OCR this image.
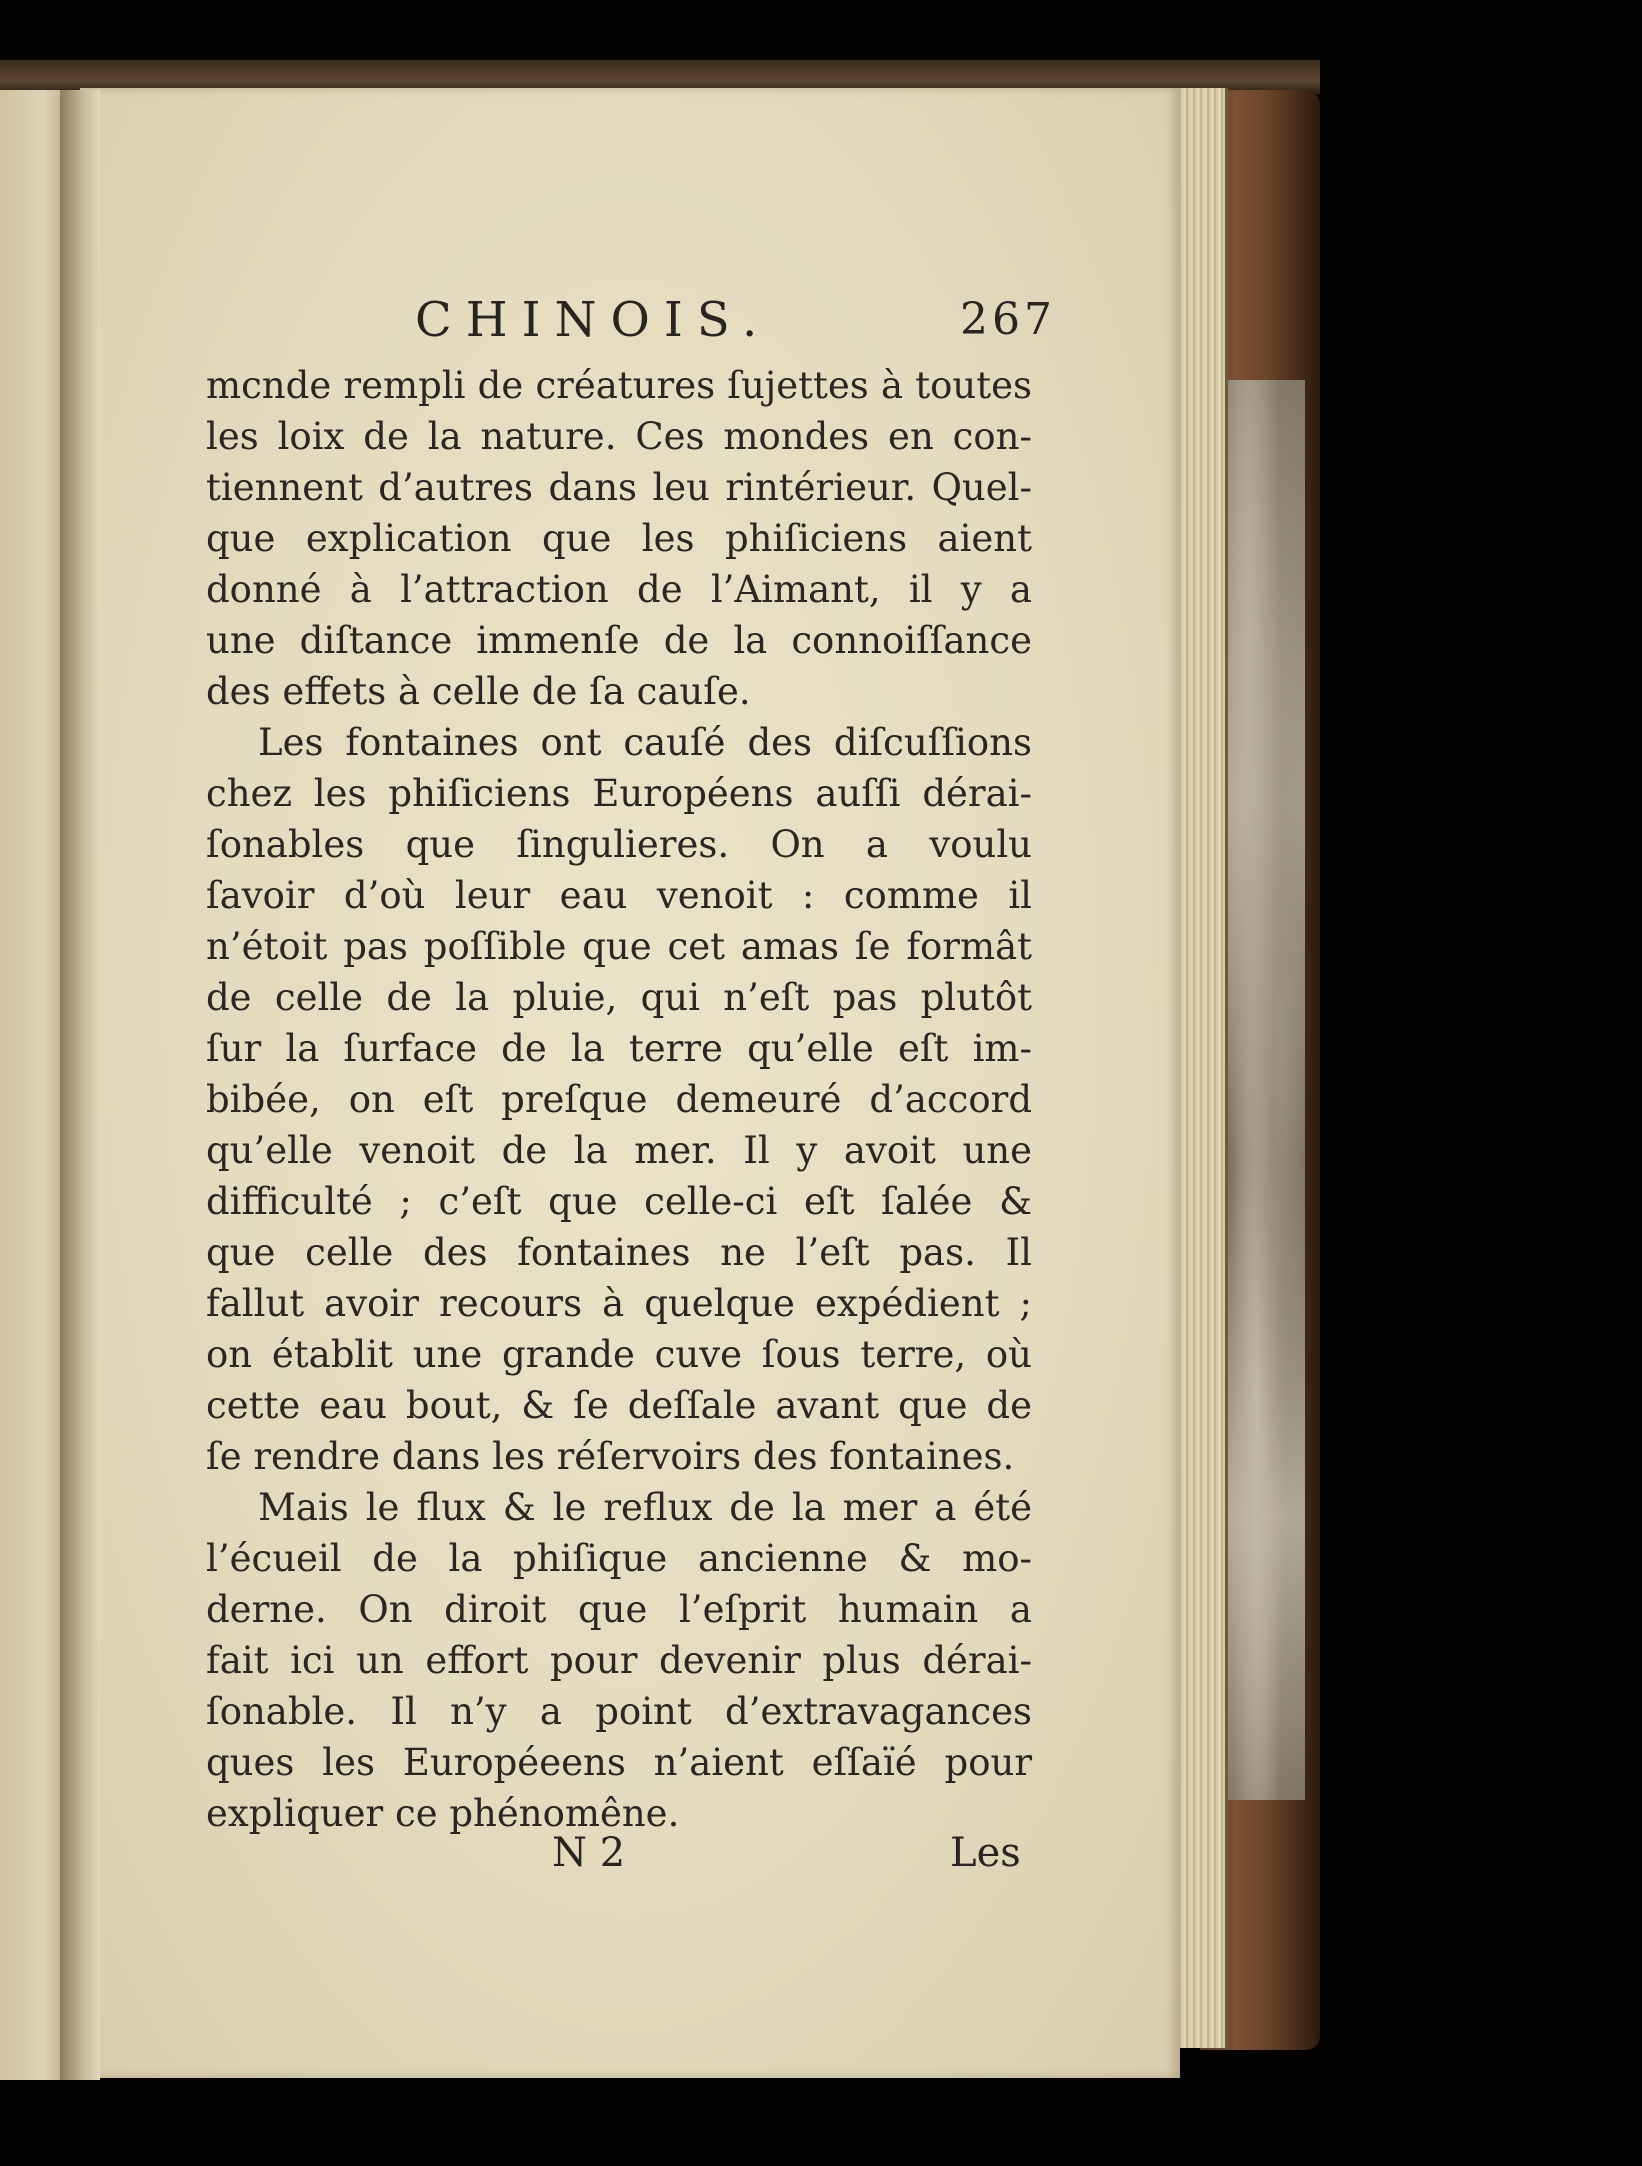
CHINOIS.	267
mcnde rempli de créatures ſujettes à toutes
les loix de la nature. Ces mondes en con-
tiennent d’autres dans leu rintérieur. Quel-
que explication que les phiſiciens aient
donné à l’attraction de l’Aimant, il y a
une diſtance immenſe de la connoiſſance
des effets à celle de ſa cauſe.
Les fontaines ont cauſé des diſcuſſions
chez les phiſiciens Européens auſſi dérai-
ſonables que ſingulieres. On a voulu
ſavoir d’où leur eau venoit : comme il
n’étoit pas poſſible que cet amas ſe formât
de celle de la pluie, qui n’eſt pas plutôt
ſur la ſurface de la terre qu’elle eſt im-
bibée, on eſt preſque demeuré d’accord
qu’elle venoit de la mer. Il y avoit une
difficulté ; c’eſt que celle-ci eſt ſalée &
que celle des fontaines ne l’eſt pas. Il
fallut avoir recours à quelque expédient ;
on établit une grande cuve ſous terre, où
cette eau bout, & ſe deſſale avant que de
ſe rendre dans les réſervoirs des fontaines.
Mais le flux & le reflux de la mer a été
l’écueil de la phiſique ancienne & mo-
derne. On diroit que l’eſprit humain a
fait ici un effort pour devenir plus dérai-
ſonable. Il n’y a point d’extravagances
ques les Européeens n’aient eſſaïé pour
expliquer ce phénomêne.
N 2	Les
